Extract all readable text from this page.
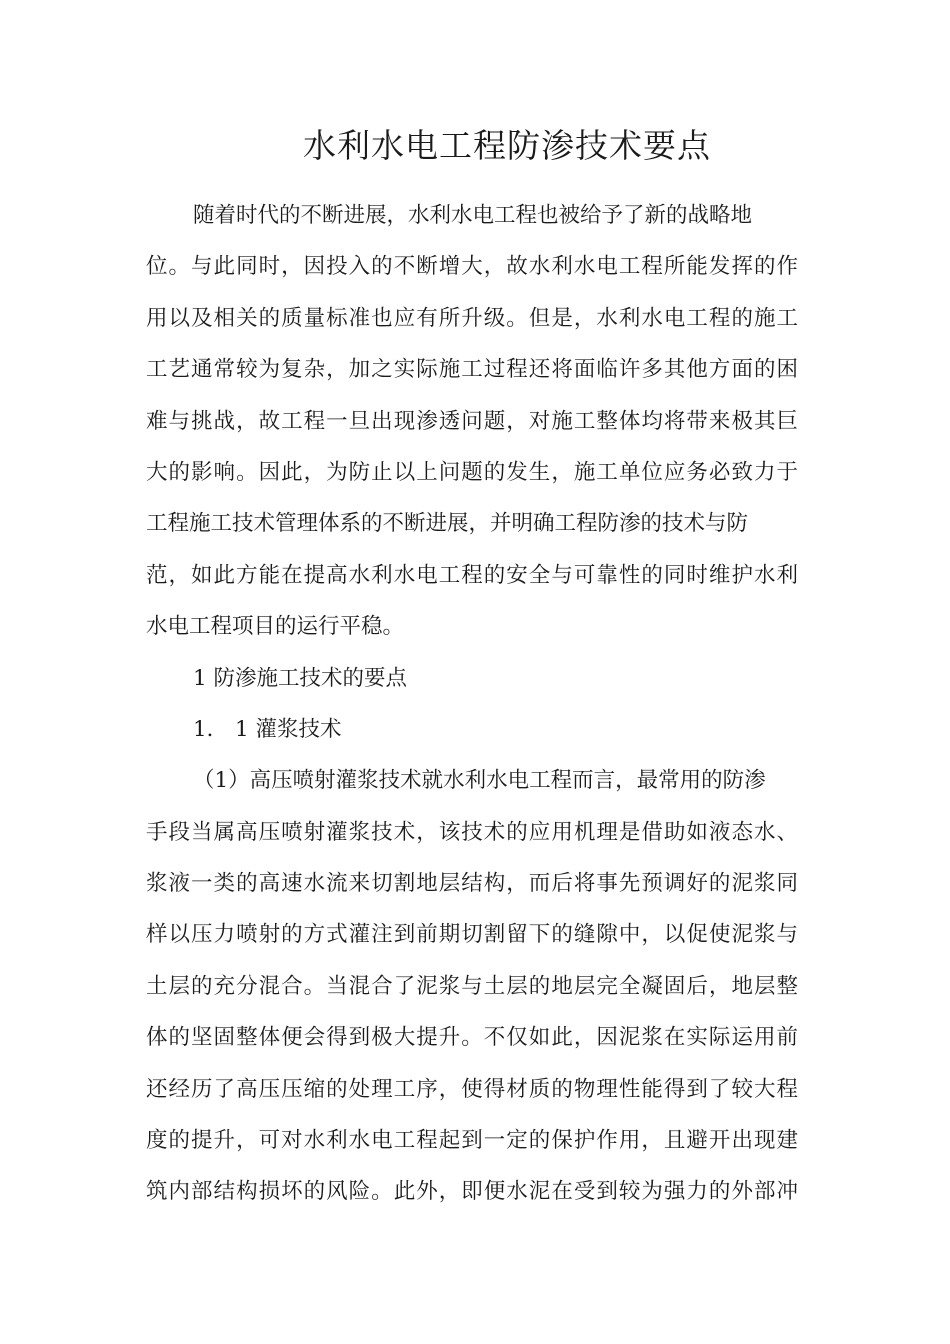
水利水电工程防渗技术要点
随着时代的不断进展，水利水电工程也被给予了新的战略地
位。与此同时，因投入的不断增大，故水利水电工程所能发挥的作
用以及相关的质量标准也应有所升级。但是，水利水电工程的施工
工艺通常较为复杂，加之实际施工过程还将面临许多其他方面的困
难与挑战，故工程一旦出现渗透问题，对施工整体均将带来极其巨
大的影响。因此，为防止以上问题的发生，施工单位应务必致力于
工程施工技术管理体系的不断进展，并明确工程防渗的技术与防
范，如此方能在提高水利水电工程的安全与可靠性的同时维护水利
水电工程项目的运行平稳。
1 防渗施工技术的要点
1． 1 灌浆技术
（1）高压喷射灌浆技术就水利水电工程而言，最常用的防渗
手段当属高压喷射灌浆技术，该技术的应用机理是借助如液态水、
浆液一类的高速水流来切割地层结构，而后将事先预调好的泥浆同
样以压力喷射的方式灌注到前期切割留下的缝隙中，以促使泥浆与
土层的充分混合。当混合了泥浆与土层的地层完全凝固后，地层整
体的坚固整体便会得到极大提升。不仅如此，因泥浆在实际运用前
还经历了高压压缩的处理工序，使得材质的物理性能得到了较大程
度的提升，可对水利水电工程起到一定的保护作用，且避开出现建
筑内部结构损坏的风险。此外，即便水泥在受到较为强力的外部冲
